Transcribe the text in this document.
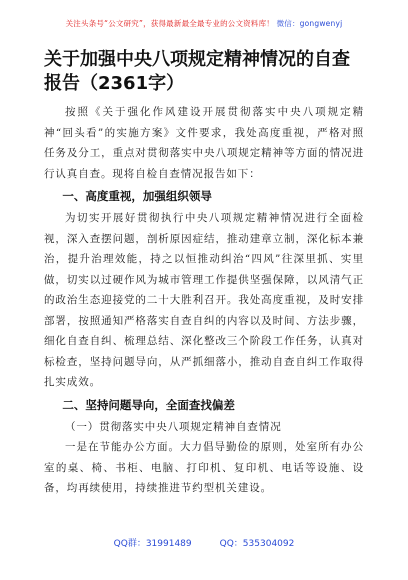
关注头条号“公文研究”，获得最新最全最专业的公文资料库！ 微信：gongwenyj
关于加强中央八项规定精神情况的自查报告（2361字）

按照《关于强化作风建设开展贯彻落实中央八项规定精神“回头看”的实施方案》文件要求，我处高度重视，严格对照任务及分工，重点对贯彻落实中央八项规定精神等方面的情况进行认真自查。现将自检自查情况报告如下：

一、高度重视，加强组织领导

为切实开展好贯彻执行中央八项规定精神情况进行全面检视，深入查摆问题，剖析原因症结，推动建章立制，深化标本兼治，提升治理效能，持之以恒推动纠治“四风”往深里抓、实里做，切实以过硬作风为城市管理工作提供坚强保障，以风清气正的政治生态迎接党的二十大胜利召开。我处高度重视，及时安排部署，按照通知严格落实自查自纠的内容以及时间、方法步骤，细化自查自纠、梳理总结、深化整改三个阶段工作任务，认真对标检查，坚持问题导向，从严抓细落小，推动自查自纠工作取得扎实成效。

二、坚持问题导向，全面查找偏差

（一）贯彻落实中央八项规定精神自查情况

一是在节能办公方面。大力倡导勤俭的原则，处室所有办公室的桌、椅、书柜、电脑、打印机、复印机、电话等设施、设备，均再续使用，持续推进节约型机关建设。

QQ群：31991489	QQ：535304092
